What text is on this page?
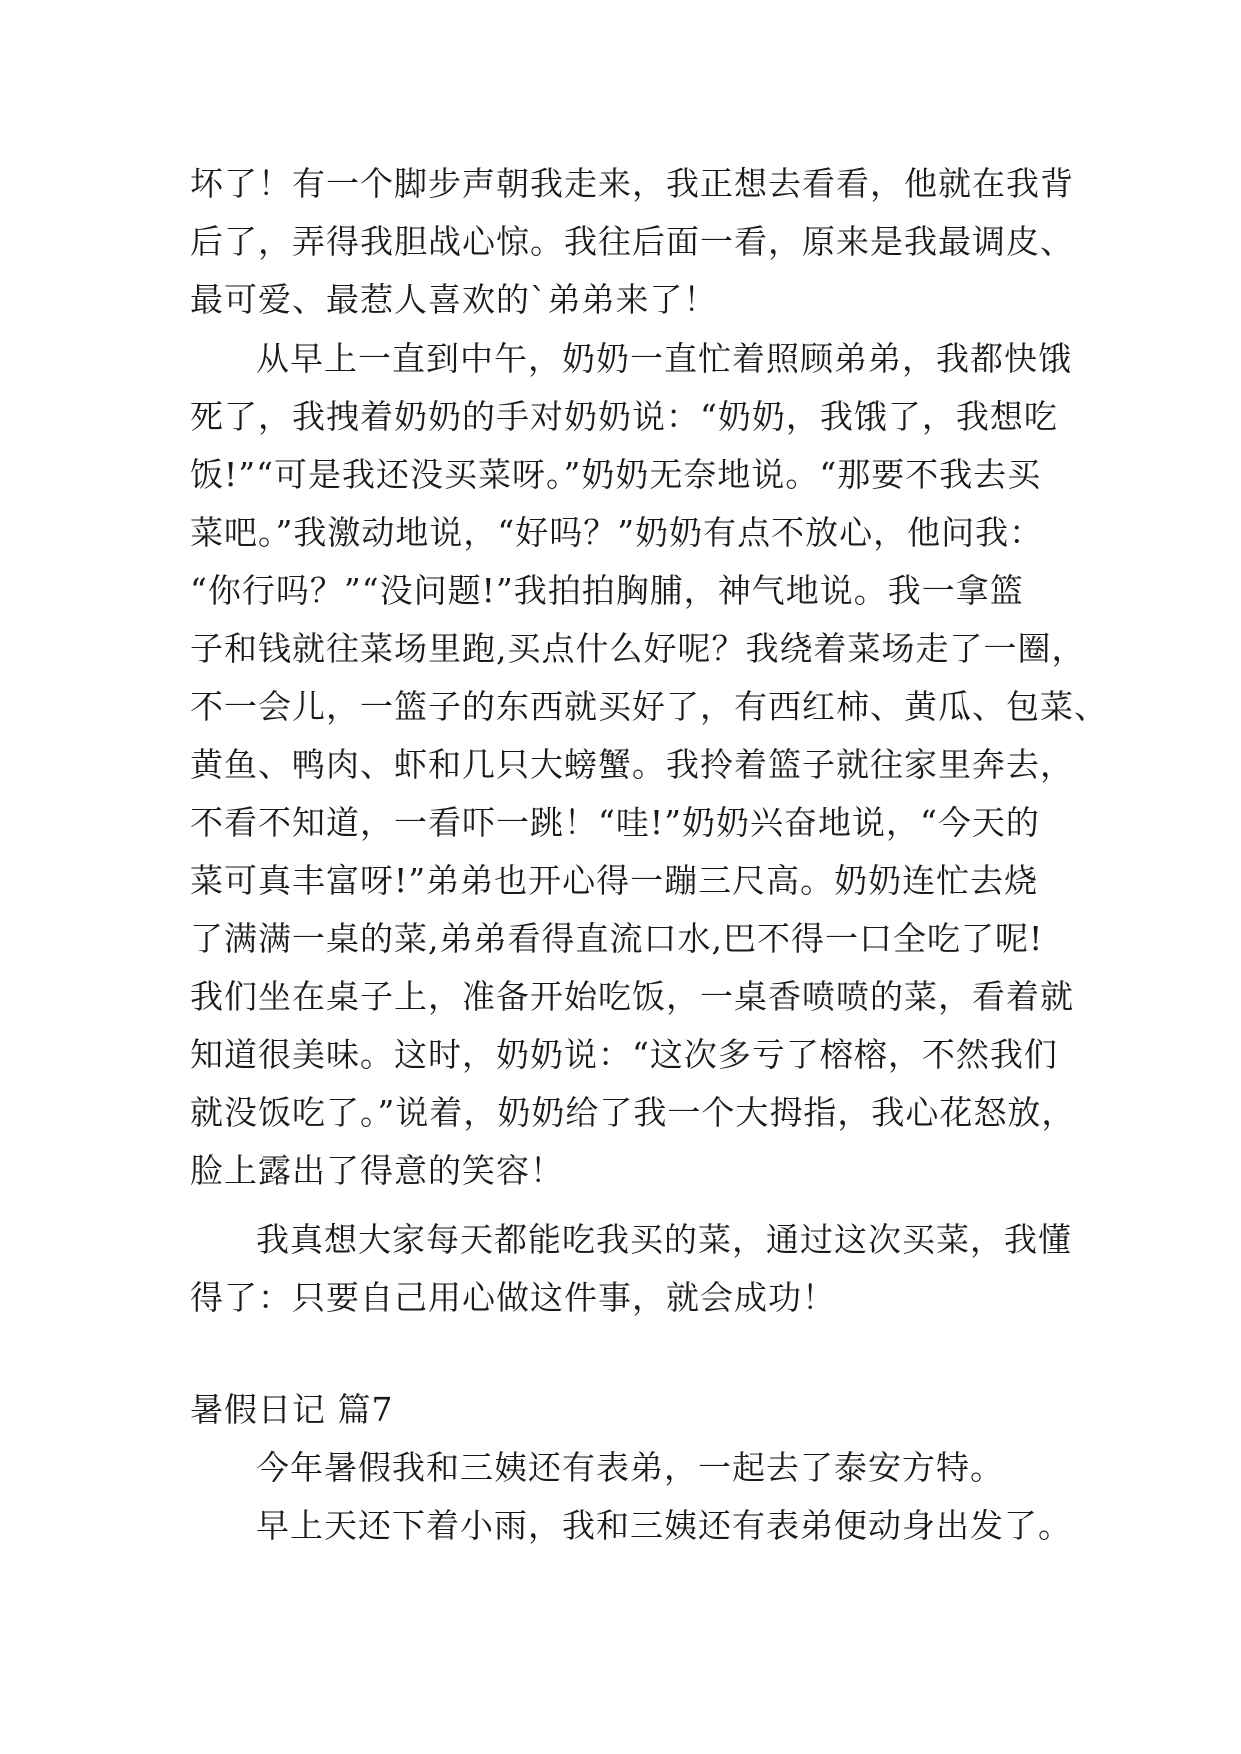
坏了！有一个脚步声朝我走来，我正想去看看，他就在我背
后了，弄得我胆战心惊。我往后面一看，原来是我最调皮、
最可爱、最惹人喜欢的`弟弟来了！
从早上一直到中午，奶奶一直忙着照顾弟弟，我都快饿
死了，我拽着奶奶的手对奶奶说：“奶奶，我饿了，我想吃
饭!”“可是我还没买菜呀。”奶奶无奈地说。“那要不我去买
菜吧。”我激动地说，“好吗？”奶奶有点不放心，他问我：
“你行吗？”“没问题!”我拍拍胸脯，神气地说。我一拿篮
子和钱就往菜场里跑,买点什么好呢？我绕着菜场走了一圈，
不一会儿，一篮子的东西就买好了，有西红柿、黄瓜、包菜、
黄鱼、鸭肉、虾和几只大螃蟹。我拎着篮子就往家里奔去，
不看不知道，一看吓一跳！“哇!”奶奶兴奋地说，“今天的
菜可真丰富呀!”弟弟也开心得一蹦三尺高。奶奶连忙去烧
了满满一桌的菜,弟弟看得直流口水,巴不得一口全吃了呢!
我们坐在桌子上，准备开始吃饭，一桌香喷喷的菜，看着就
知道很美味。这时，奶奶说：“这次多亏了榕榕，不然我们
就没饭吃了。”说着，奶奶给了我一个大拇指，我心花怒放，
脸上露出了得意的笑容！
我真想大家每天都能吃我买的菜，通过这次买菜，我懂
得了：只要自己用心做这件事，就会成功！
暑假日记 篇7
今年暑假我和三姨还有表弟，一起去了泰安方特。
早上天还下着小雨，我和三姨还有表弟便动身出发了。
